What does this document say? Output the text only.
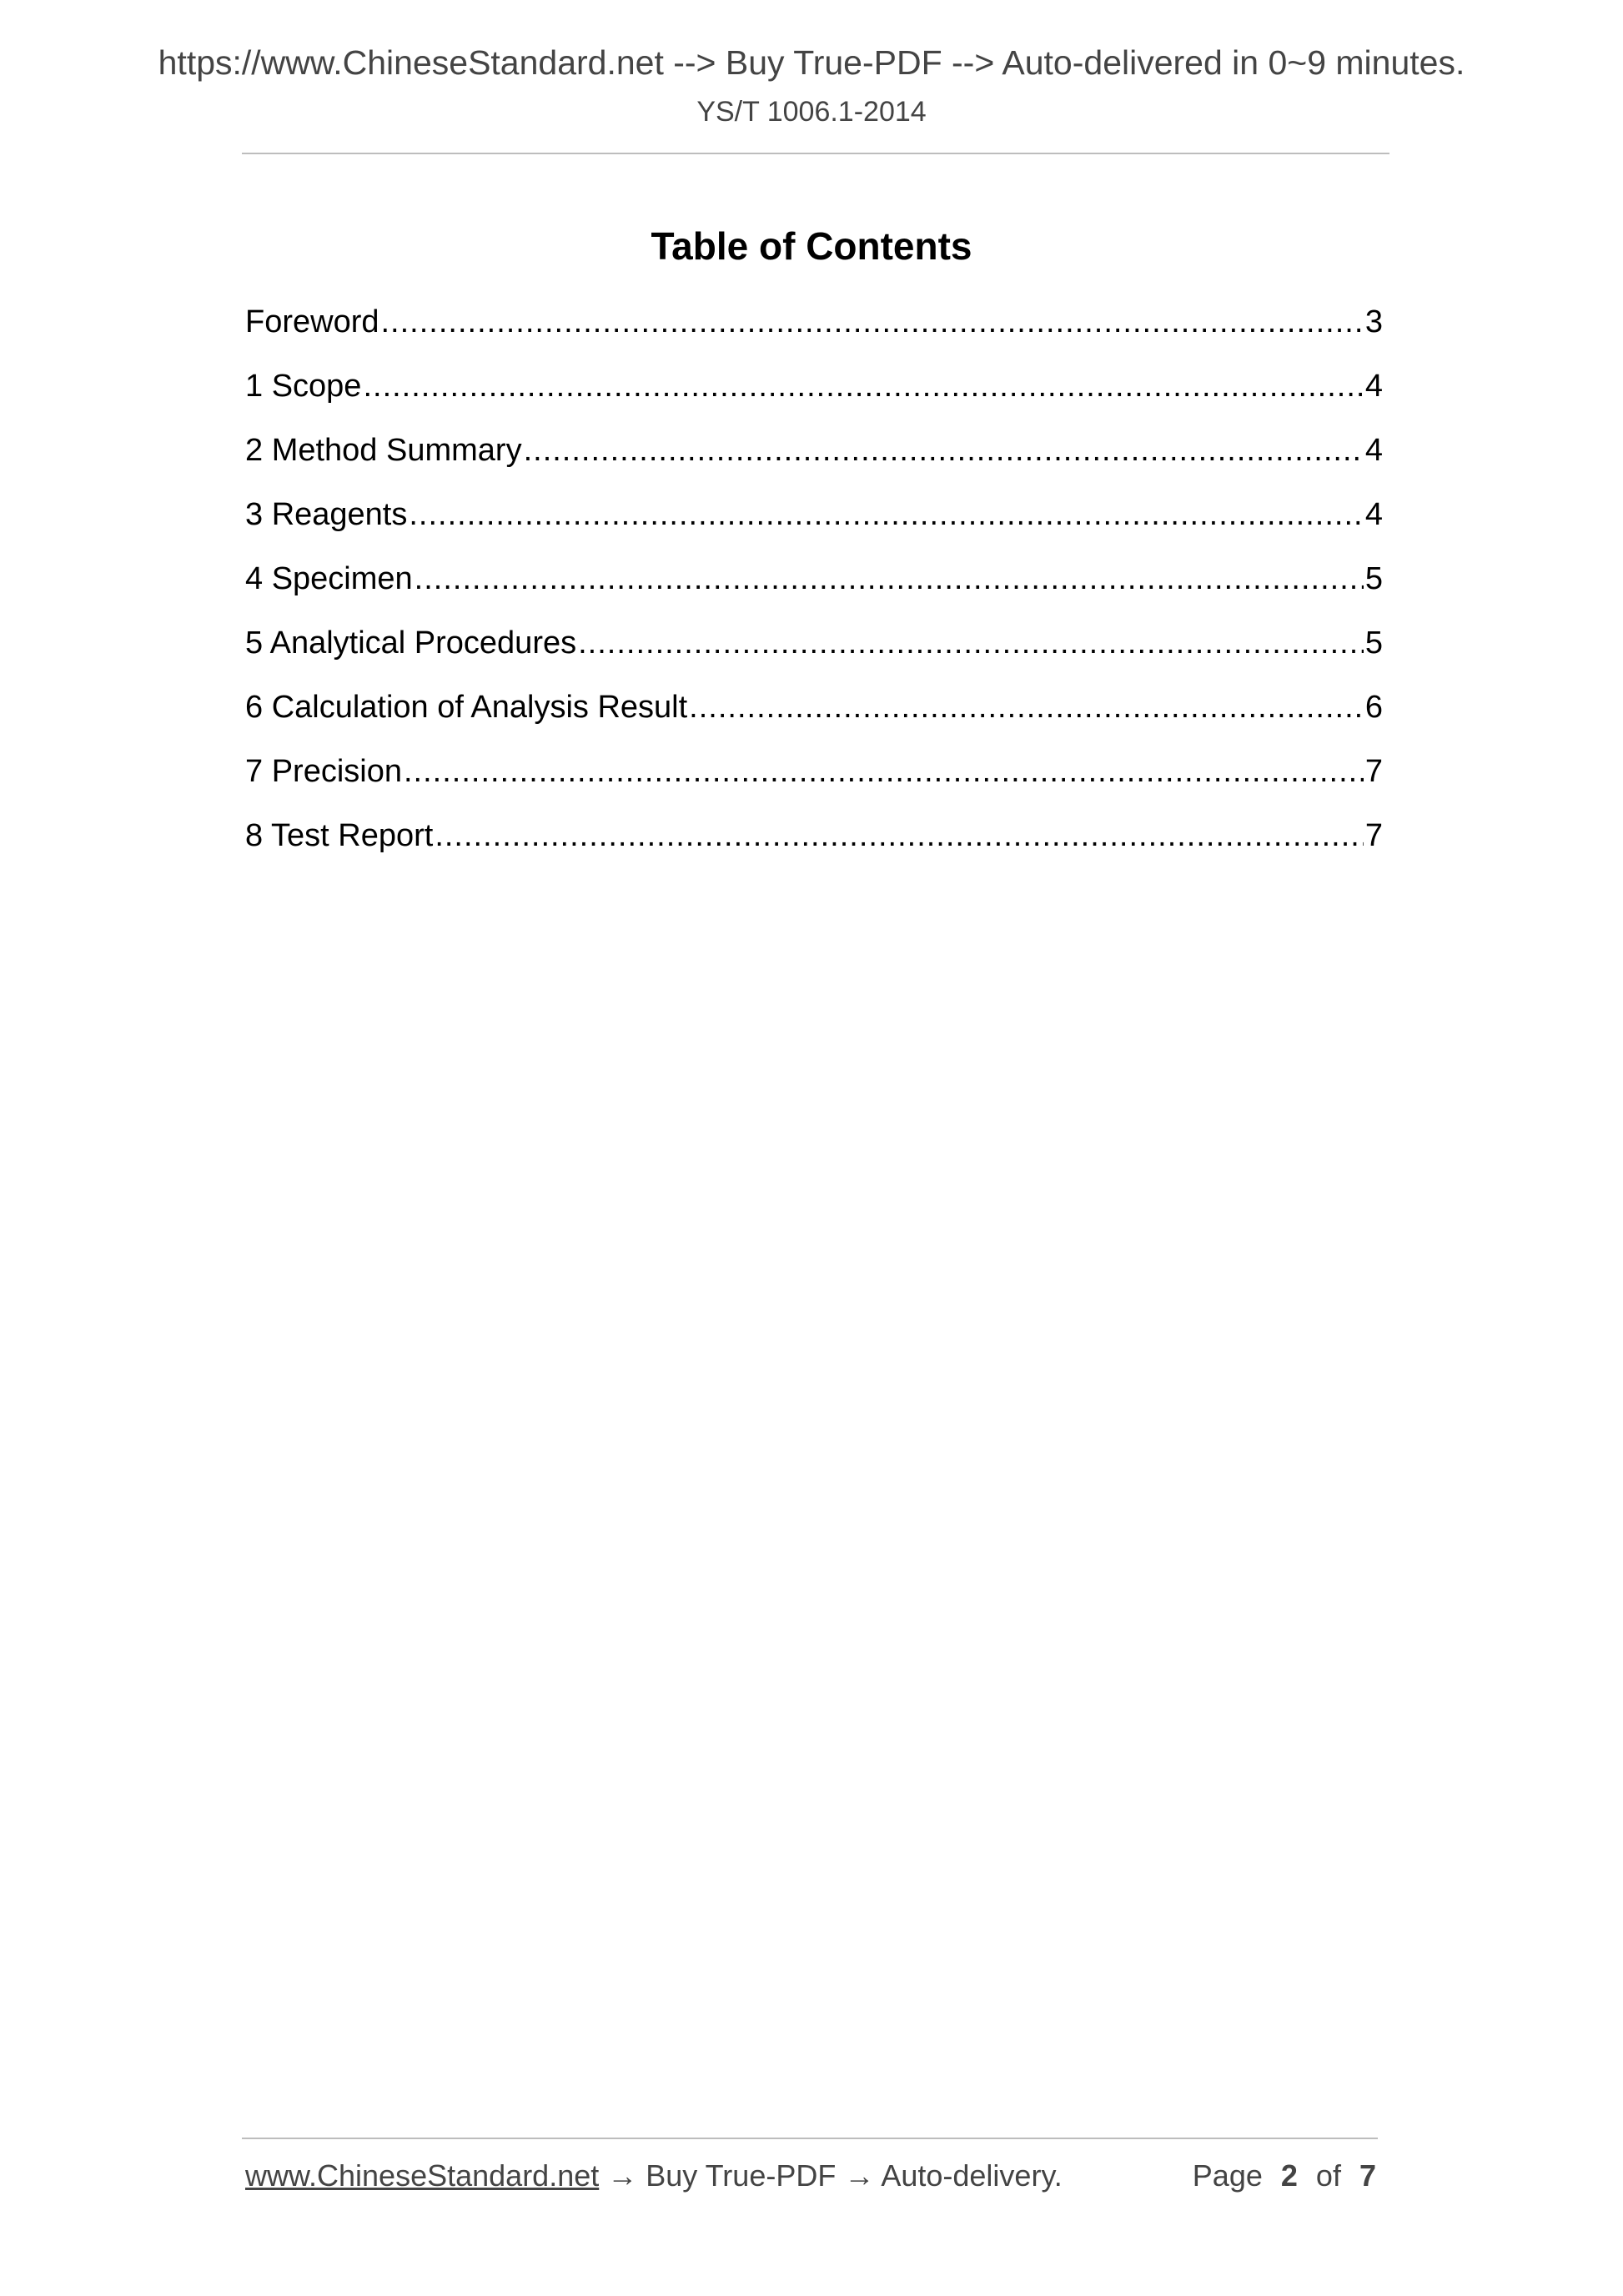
https://www.ChineseStandard.net --> Buy True-PDF --> Auto-delivered in 0~9 minutes.
YS/T 1006.1-2014
Table of Contents
Foreword .....	3
1 Scope .....	4
2 Method Summary .....	4
3 Reagents .....	4
4 Specimen .....	5
5 Analytical Procedures .....	5
6 Calculation of Analysis Result .....	6
7 Precision .....	7
8 Test Report .....	7
www.ChineseStandard.net → Buy True-PDF → Auto-delivery.	Page 2 of 7
